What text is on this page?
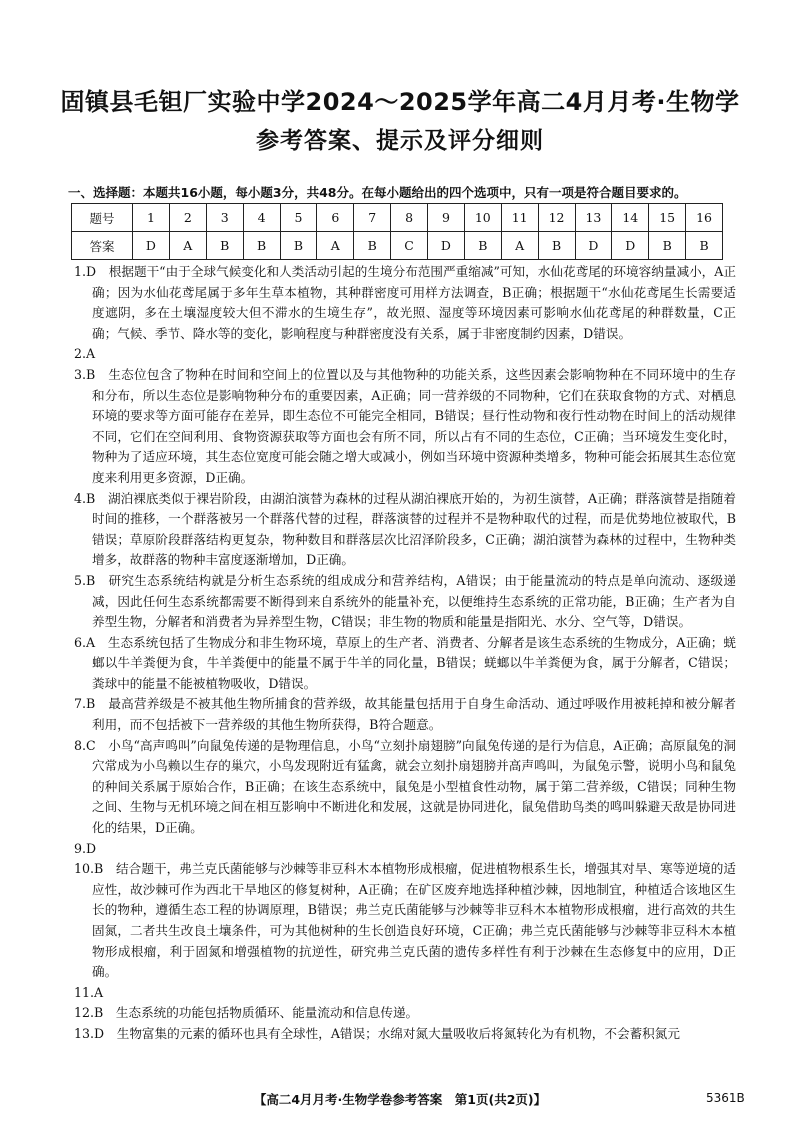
固镇县毛钽厂实验中学2024～2025学年高二4月月考·生物学
参考答案、提示及评分细则
一、选择题：本题共16小题，每小题3分，共48分。在每小题给出的四个选项中，只有一项是符合题目要求的。
题号	1	2	3	4	5	6	7	8	9	10	11	12	13	14	15	16
答案	D	A	B	B	B	A	B	C	D	B	A	B	D	D	B	B

1.D　 根据题干“由于全球气候变化和人类活动引起的生境分布范围严重缩减”可知，水仙花鸢尾的环境容纳量减小，A正确；因为水仙花鸢尾属于多年生草本植物，其种群密度可用样方法调查，B正确；根据题干“水仙花鸢尾生长需要适度遮阴，多在土壤湿度较大但不滞水的生境生存”，故光照、湿度等环境因素可影响水仙花鸢尾的种群数量，C正确；气候、季节、降水等的变化，影响程度与种群密度没有关系，属于非密度制约因素，D错误。

2.A

3.B　 生态位包含了物种在时间和空间上的位置以及与其他物种的功能关系，这些因素会影响物种在不同环境中的生存和分布，所以生态位是影响物种分布的重要因素，A正确；同一营养级的不同物种，它们在获取食物的方式、对栖息环境的要求等方面可能存在差异，即生态位不可能完全相同，B错误；昼行性动物和夜行性动物在时间上的活动规律不同，它们在空间利用、食物资源获取等方面也会有所不同，所以占有不同的生态位，C正确；当环境发生变化时，物种为了适应环境，其生态位宽度可能会随之增大或减小，例如当环境中资源种类增多，物种可能会拓展其生态位宽度来利用更多资源，D正确。

4.B　 湖泊裸底类似于裸岩阶段，由湖泊演替为森林的过程从湖泊裸底开始的，为初生演替，A正确；群落演替是指随着时间的推移，一个群落被另一个群落代替的过程，群落演替的过程并不是物种取代的过程，而是优势地位被取代，B错误；草原阶段群落结构更复杂，物种数目和群落层次比沼泽阶段多，C正确；湖泊演替为森林的过程中，生物种类增多，故群落的物种丰富度逐渐增加，D正确。

5.B　 研究生态系统结构就是分析生态系统的组成成分和营养结构，A错误；由于能量流动的特点是单向流动、逐级递减，因此任何生态系统都需要不断得到来自系统外的能量补充，以便维持生态系统的正常功能，B正确；生产者为自养型生物，分解者和消费者为异养型生物，C错误；非生物的物质和能量是指阳光、水分、空气等，D错误。

6.A　 生态系统包括了生物成分和非生物环境，草原上的生产者、消费者、分解者是该生态系统的生物成分，A正确；蜣螂以牛羊粪便为食，牛羊粪便中的能量不属于牛羊的同化量，B错误；蜣螂以牛羊粪便为食，属于分解者，C错误；粪球中的能量不能被植物吸收，D错误。

7.B　 最高营养级是不被其他生物所捕食的营养级，故其能量包括用于自身生命活动、通过呼吸作用被耗掉和被分解者利用，而不包括被下一营养级的其他生物所获得，B符合题意。

8.C　 小鸟“高声鸣叫”向鼠兔传递的是物理信息，小鸟“立刻扑扇翅膀”向鼠兔传递的是行为信息，A正确；高原鼠兔的洞穴常成为小鸟赖以生存的巢穴，小鸟发现附近有猛禽，就会立刻扑扇翅膀并高声鸣叫，为鼠兔示警，说明小鸟和鼠兔的种间关系属于原始合作，B正确；在该生态系统中，鼠兔是小型植食性动物，属于第二营养级，C错误；同种生物之间、生物与无机环境之间在相互影响中不断进化和发展，这就是协同进化，鼠兔借助鸟类的鸣叫躲避天敌是协同进化的结果，D正确。

9.D

10.B　 结合题干，弗兰克氏菌能够与沙棘等非豆科木本植物形成根瘤，促进植物根系生长，增强其对旱、寒等逆境的适应性，故沙棘可作为西北干旱地区的修复树种，A正确；在矿区废弃地选择种植沙棘，因地制宜，种植适合该地区生长的物种，遵循生态工程的协调原理，B错误；弗兰克氏菌能够与沙棘等非豆科木本植物形成根瘤，进行高效的共生固氮，二者共生改良土壤条件，可为其他树种的生长创造良好环境，C正确；弗兰克氏菌能够与沙棘等非豆科木本植物形成根瘤，利于固氮和增强植物的抗逆性，研究弗兰克氏菌的遗传多样性有利于沙棘在生态修复中的应用，D正确。

11.A

12.B　 生态系统的功能包括物质循环、能量流动和信息传递。

13.D　 生物富集的元素的循环也具有全球性，A错误；水绵对氮大量吸收后将氮转化为有机物，不会蓄积氮元

【高二4月月考·生物学卷参考答案　第1页(共2页)】	5361B
